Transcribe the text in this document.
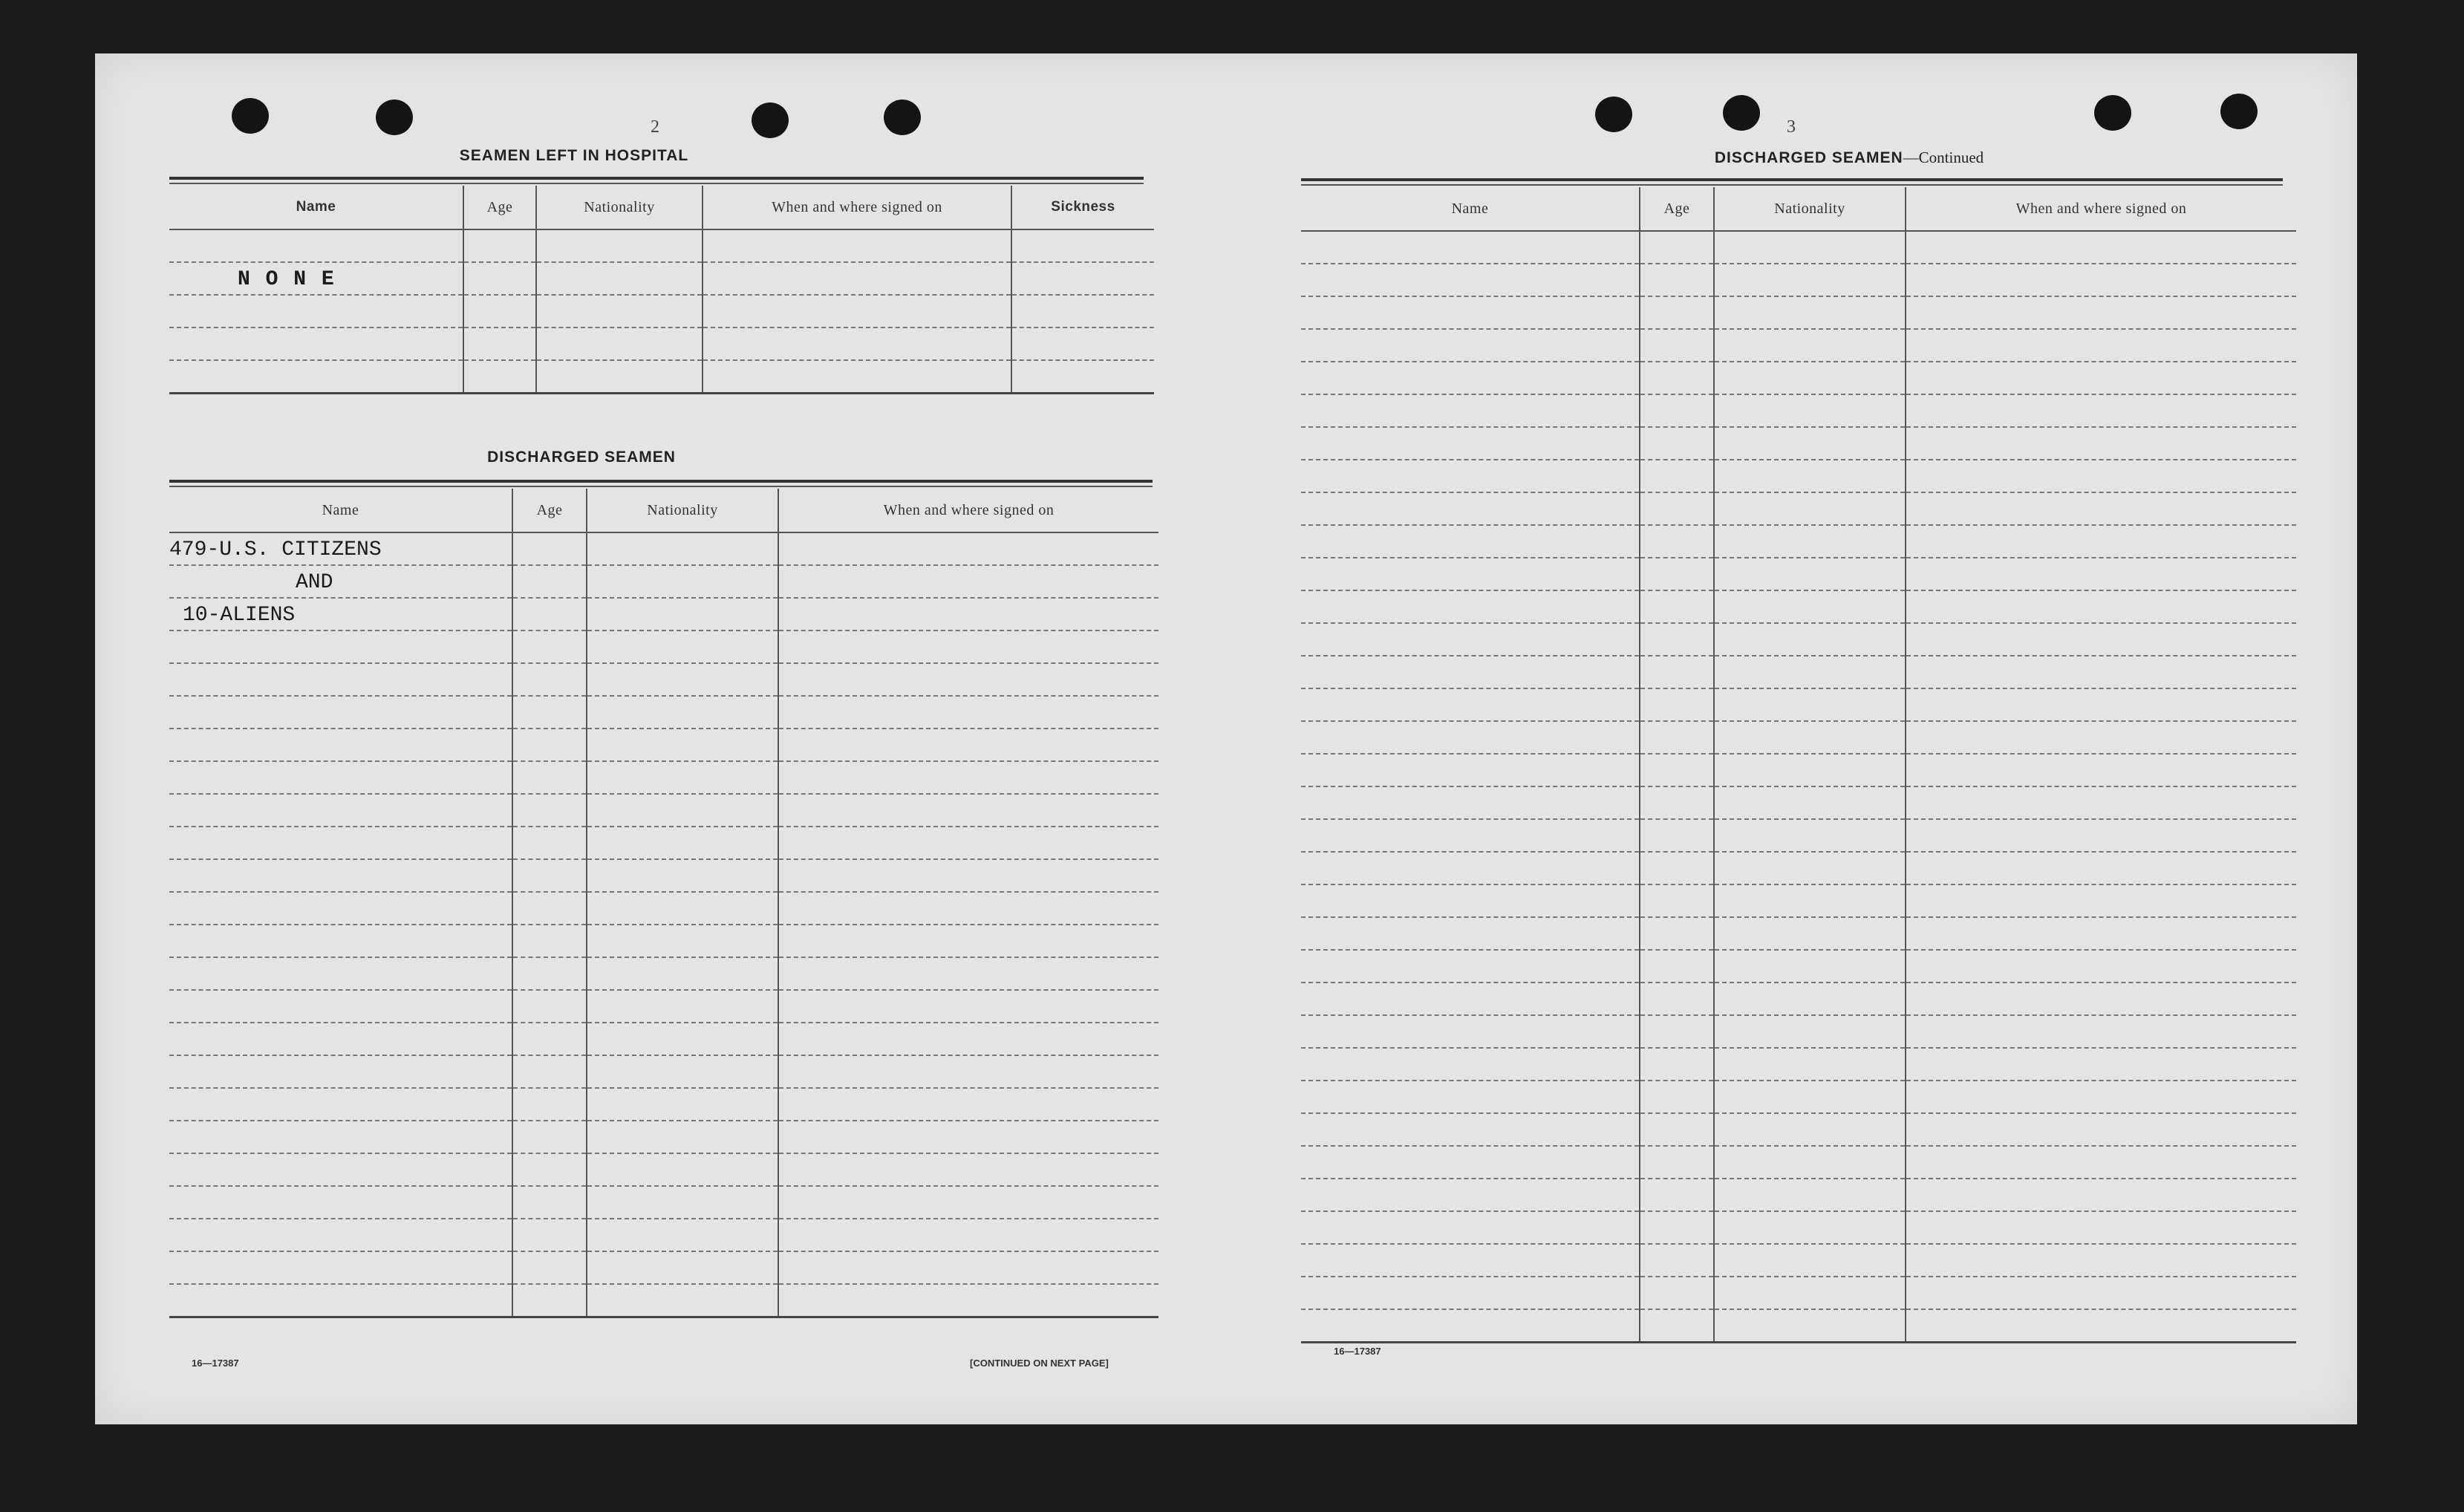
2
SEAMEN LEFT IN HOSPITAL
Name	Age	Nationality	When and where signed on	Sickness

N O N E				

DISCHARGED SEAMEN
Name	Age	Nationality	When and where signed on
479-U.S. CITIZENS			
AND			
10-ALIENS			

16—17387	[CONTINUED ON NEXT PAGE]
3
DISCHARGED SEAMEN—Continued
Name	Age	Nationality	When and where signed on

16—17387
